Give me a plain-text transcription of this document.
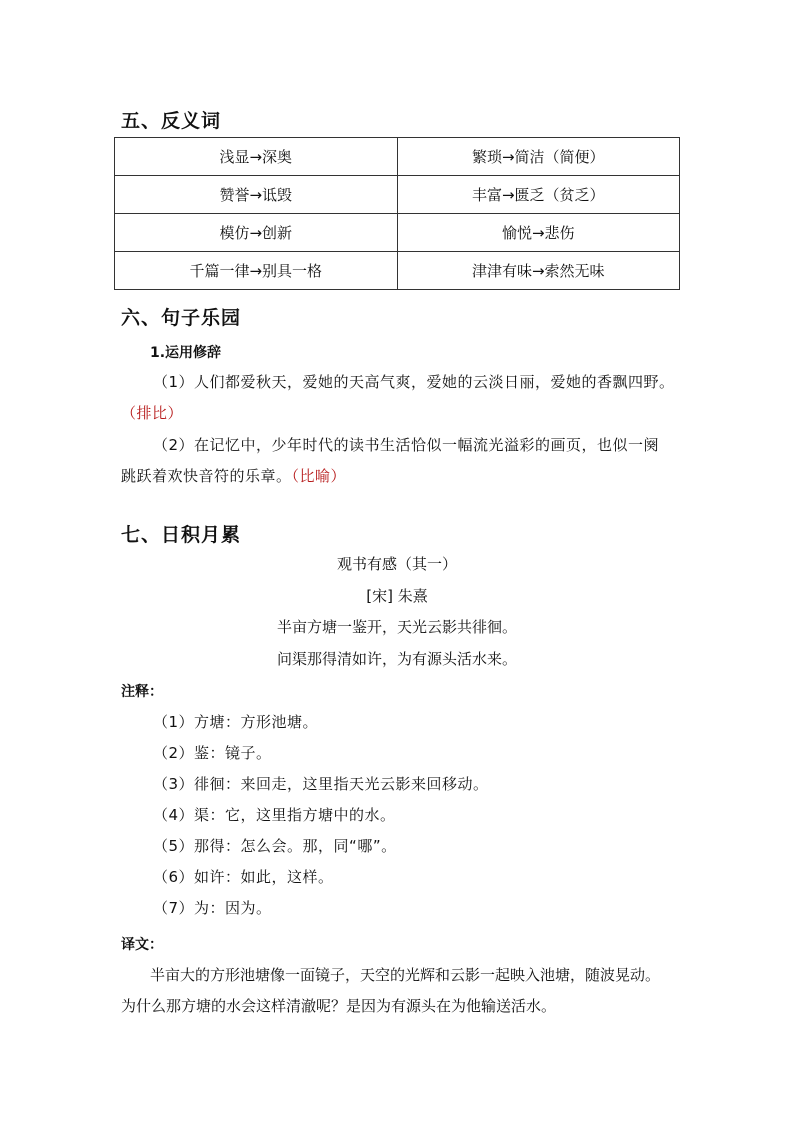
五、反义词
浅显→深奥	繁琐→简洁（简便）
赞誉→诋毁	丰富→匮乏（贫乏）
模仿→创新	愉悦→悲伤
千篇一律→别具一格	津津有味→索然无味
六、句子乐园
1.运用修辞
（1）人们都爱秋天，爱她的天高气爽，爱她的云淡日丽，爱她的香飘四野。
（排比）
（2）在记忆中，少年时代的读书生活恰似一幅流光溢彩的画页，也似一阕
跳跃着欢快音符的乐章。（比喻）
七、日积月累
观书有感（其一）
[宋] 朱熹
半亩方塘一鉴开，天光云影共徘徊。
问渠那得清如许，为有源头活水来。
注释：
（1）方塘：方形池塘。
（2）鉴：镜子。
（3）徘徊：来回走，这里指天光云影来回移动。
（4）渠：它，这里指方塘中的水。
（5）那得：怎么会。那，同“哪”。
（6）如许：如此，这样。
（7）为：因为。
译文：
半亩大的方形池塘像一面镜子，天空的光辉和云影一起映入池塘，随波晃动。
为什么那方塘的水会这样清澈呢？是因为有源头在为他输送活水。
